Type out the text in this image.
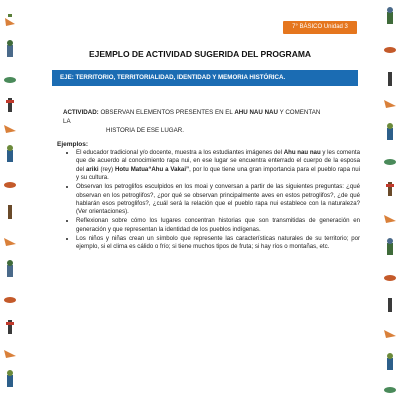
7° BÁSICO Unidad 3
EJEMPLO DE ACTIVIDAD SUGERIDA DEL PROGRAMA
EJE: TERRITORIO, TERRITORIALIDAD, IDENTIDAD Y MEMORIA HISTÓRICA.
ACTIVIDAD: OBSERVAN ELEMENTOS PRESENTES EN EL AHU NAU NAU Y COMENTAN LA
HISTORIA DE ESE LUGAR.
Ejemplos:
• El educador tradicional y/o docente, muestra a los estudiantes imágenes del Ahu nau nau y les comenta que de acuerdo al conocimiento rapa nui, en ese lugar se encuentra enterrado el cuerpo de la esposa del ariki (rey) Hotu Matua“Ahu a Vakai”, por lo que tiene una gran importancia para el pueblo rapa nui y su cultura.
• Observan los petroglifos esculpidos en los moai y conversan a partir de las siguientes preguntas: ¿qué observan en los petroglifos?, ¿por qué se observan principalmente aves en estos petroglifos?, ¿de qué hablarán esos petroglifos?, ¿cuál será la relación que el pueblo rapa nui establece con la naturaleza? (Ver orientaciones).
• Reflexionan sobre cómo los lugares concentran historias que son transmitidas de generación en generación y que representan la identidad de los pueblos indígenas.
• Los niños y niñas crean un símbolo que represente las características naturales de su territorio; por ejemplo, si el clima es cálido o frío; si tiene muchos tipos de fruta; si hay ríos o montañas, etc.
